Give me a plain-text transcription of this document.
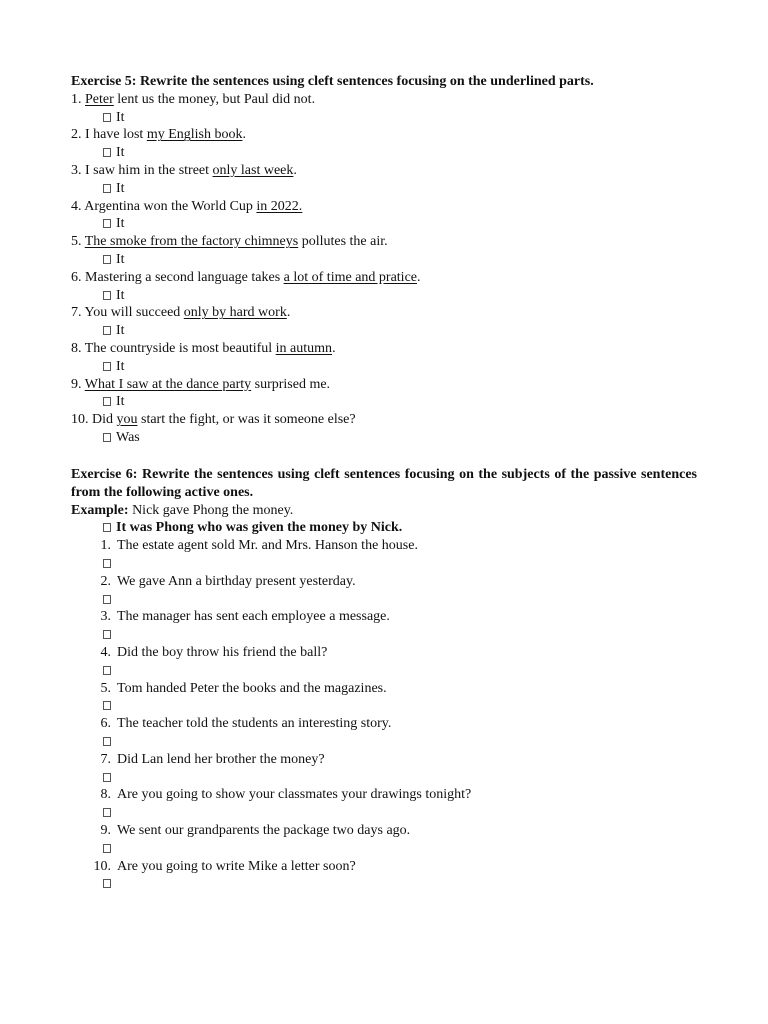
Exercise 5: Rewrite the sentences using cleft sentences focusing on the underlined parts.
1. Peter lent us the money, but Paul did not.
It
2. I have lost my English book.
It
3. I saw him in the street only last week.
It
4. Argentina won the World Cup in 2022.
It
5. The smoke from the factory chimneys pollutes the air.
It
6. Mastering a second language takes a lot of time and pratice.
It
7. You will succeed only by hard work.
It
8. The countryside is most beautiful in autumn.
It
9. What I saw at the dance party surprised me.
It
10. Did you start the fight, or was it someone else?
Was
Exercise 6: Rewrite the sentences using cleft sentences focusing on the subjects of the passive sentences from the following active ones.
Example: Nick gave Phong the money.
It was Phong who was given the money by Nick.
1. The estate agent sold Mr. and Mrs. Hanson the house.
2. We gave Ann a birthday present yesterday.
3. The manager has sent each employee a message.
4. Did the boy throw his friend the ball?
5. Tom handed Peter the books and the magazines.
6. The teacher told the students an interesting story.
7. Did Lan lend her brother the money?
8. Are you going to show your classmates your drawings tonight?
9. We sent our grandparents the package two days ago.
10. Are you going to write Mike a letter soon?
